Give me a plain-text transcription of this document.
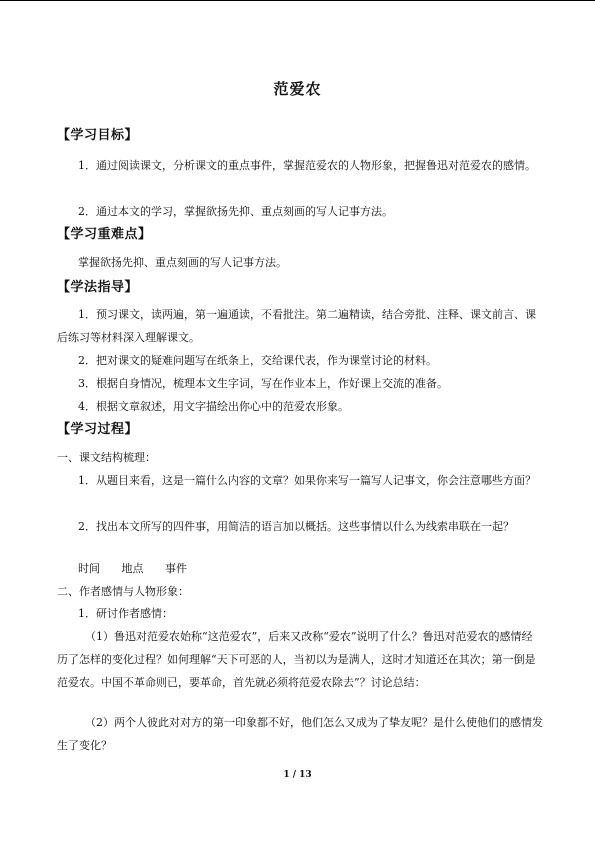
范爱农
【学习目标】
1．通过阅读课文，分析课文的重点事件，掌握范爱农的人物形象，把握鲁迅对范爱农的感情。
2．通过本文的学习，掌握欲扬先抑、重点刻画的写人记事方法。
【学习重难点】
掌握欲扬先抑、重点刻画的写人记事方法。
【学法指导】
1．预习课文，读两遍，第一遍通读，不看批注。第二遍精读，结合旁批、注释、课文前言、课后练习等材料深入理解课文。
2．把对课文的疑难问题写在纸条上，交给课代表，作为课堂讨论的材料。
3．根据自身情况，梳理本文生字词，写在作业本上，作好课上交流的准备。
4．根据文章叙述，用文字描绘出你心中的范爱农形象。
【学习过程】
一、课文结构梳理：
1．从题目来看，这是一篇什么内容的文章？如果你来写一篇写人记事文，你会注意哪些方面？
2．找出本文所写的四件事，用简洁的语言加以概括。这些事情以什么为线索串联在一起？
时间 地点 事件
二、作者感情与人物形象：
1．研讨作者感情：
（1）鲁迅对范爱农始称“这范爱农”，后来又改称“爱农”说明了什么？鲁迅对范爱农的感情经历了怎样的变化过程？如何理解“天下可恶的人，当初以为是满人，这时才知道还在其次；第一倒是范爱农。中国不革命则已，要革命，首先就必须将范爱农除去”？讨论总结：
（2）两个人彼此对对方的第一印象都不好，他们怎么又成为了挚友呢？是什么使他们的感情发生了变化？
1 / 13
